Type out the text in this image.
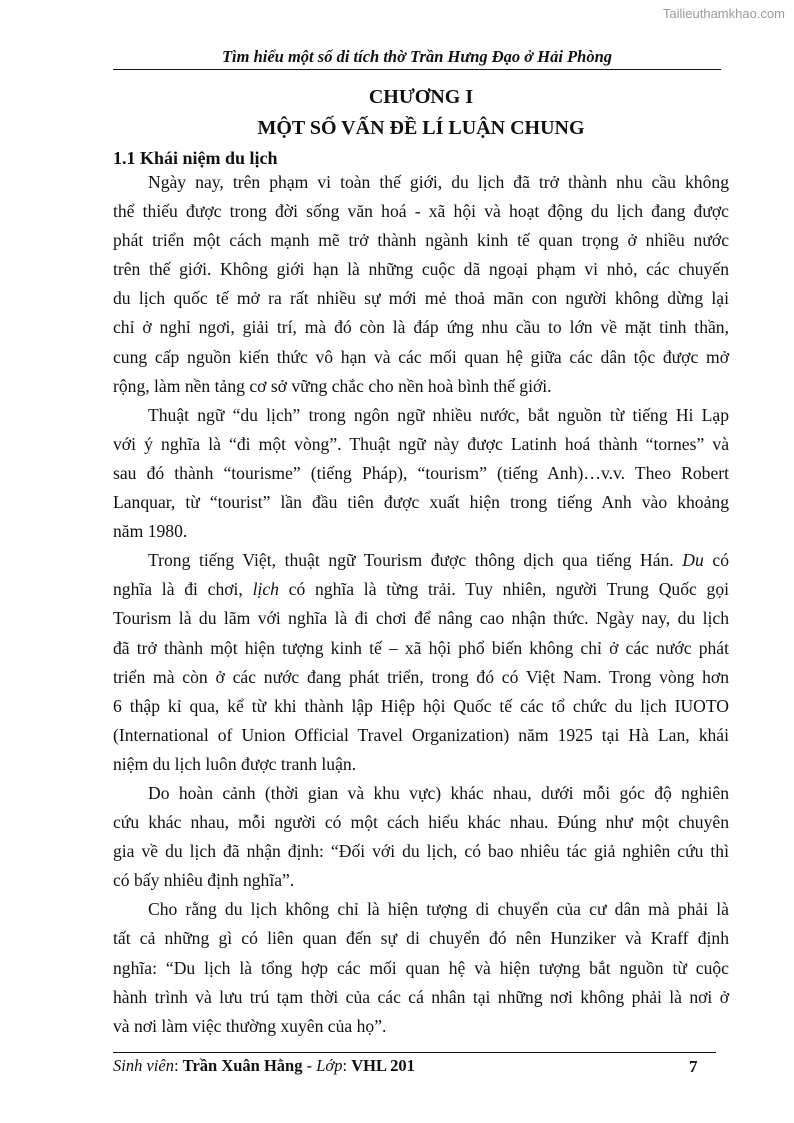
Tailieuthamkhao.com
Tìm hiểu một số di tích thờ Trần Hưng Đạo ở Hải Phòng
CHƯƠNG I
MỘT SỐ VẤN ĐỀ LÍ LUẬN CHUNG
1.1 Khái niệm du lịch
Ngày nay, trên phạm vi toàn thế giới, du lịch đã trở thành nhu cầu không
thể thiếu được trong đời sống văn hoá - xã hội và hoạt động du lịch đang được
phát triển một cách mạnh mẽ trở thành ngành kinh tế quan trọng ở nhiều nước
trên thế giới. Không giới hạn là những cuộc dã ngoại phạm vi nhỏ, các chuyến
du lịch quốc tế mở ra rất nhiều sự mới mẻ thoả mãn con người không dừng lại
chỉ ở nghỉ ngơi, giải trí, mà đó còn là đáp ứng nhu cầu to lớn về mặt tinh thần,
cung cấp nguồn kiến thức vô hạn và các mối quan hệ giữa các dân tộc được mở
rộng, làm nền tảng cơ sở vững chắc cho nền hoà bình thế giới.
Thuật ngữ “du lịch” trong ngôn ngữ nhiều nước, bắt nguồn từ tiếng Hi Lạp
với ý nghĩa là “đi một vòng”. Thuật ngữ này được Latinh hoá thành “tornes” và
sau đó thành “tourisme” (tiếng Pháp), “tourism” (tiếng Anh)…v.v. Theo Robert
Lanquar, từ “tourist” lần đầu tiên được xuất hiện trong tiếng Anh vào khoảng
năm 1980.
Trong tiếng Việt, thuật ngữ Tourism được thông dịch qua tiếng Hán. Du có
nghĩa là đi chơi, lịch có nghĩa là từng trải. Tuy nhiên, người Trung Quốc gọi
Tourism là du lãm với nghĩa là đi chơi để nâng cao nhận thức. Ngày nay, du lịch
đã trở thành một hiện tượng kinh tế – xã hội phổ biến không chỉ ở các nước phát
triển mà còn ở các nước đang phát triển, trong đó có Việt Nam. Trong vòng hơn
6 thập kỉ qua, kể từ khi thành lập Hiệp hội Quốc tế các tổ chức du lịch IUOTO
(International of Union Official Travel Organization) năm 1925 tại Hà Lan, khái
niệm du lịch luôn được tranh luận.
Do hoàn cảnh (thời gian và khu vực) khác nhau, dưới mỗi góc độ nghiên
cứu khác nhau, mỗi người có một cách hiểu khác nhau. Đúng như một chuyên
gia về du lịch đã nhận định: “Đối với du lịch, có bao nhiêu tác giả nghiên cứu thì
có bấy nhiêu định nghĩa”.
Cho rằng du lịch không chỉ là hiện tượng di chuyển của cư dân mà phải là
tất cả những gì có liên quan đến sự di chuyển đó nên Hunziker và Kraff định
nghĩa: “Du lịch là tổng hợp các mối quan hệ và hiện tượng bắt nguồn từ cuộc
hành trình và lưu trú tạm thời của các cá nhân tại những nơi không phải là nơi ở
và nơi làm việc thường xuyên của họ”.
Sinh viên: Trần Xuân Hằng - Lớp: VHL 201	7
